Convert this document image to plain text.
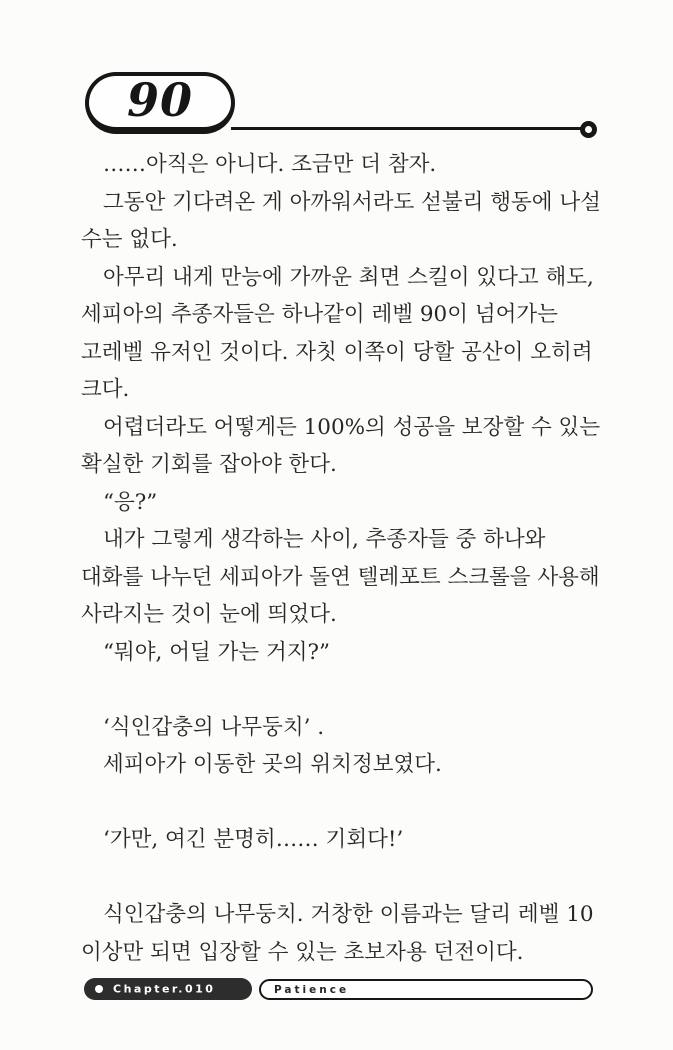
90

……아직은 아니다. 조금만 더 참자.

그동안 기다려온 게 아까워서라도 섣불리 행동에 나설 수는 없다.

아무리 내게 만능에 가까운 최면 스킬이 있다고 해도, 세피아의 추종자들은 하나같이 레벨 90이 넘어가는 고레벨 유저인 것이다. 자칫 이쪽이 당할 공산이 오히려 크다.

어렵더라도 어떻게든 100%의 성공을 보장할 수 있는 확실한 기회를 잡아야 한다.

“응?”

내가 그렇게 생각하는 사이, 추종자들 중 하나와 대화를 나누던 세피아가 돌연 텔레포트 스크롤을 사용해 사라지는 것이 눈에 띄었다.

“뭐야, 어딜 가는 거지?”

‘식인갑충의 나무둥치’ .

세피아가 이동한 곳의 위치정보였다.

‘가만, 여긴 분명히…… 기회다!’

식인갑충의 나무둥치. 거창한 이름과는 달리 레벨 10 이상만 되면 입장할 수 있는 초보자용 던전이다.

Chapter.010	Patience
